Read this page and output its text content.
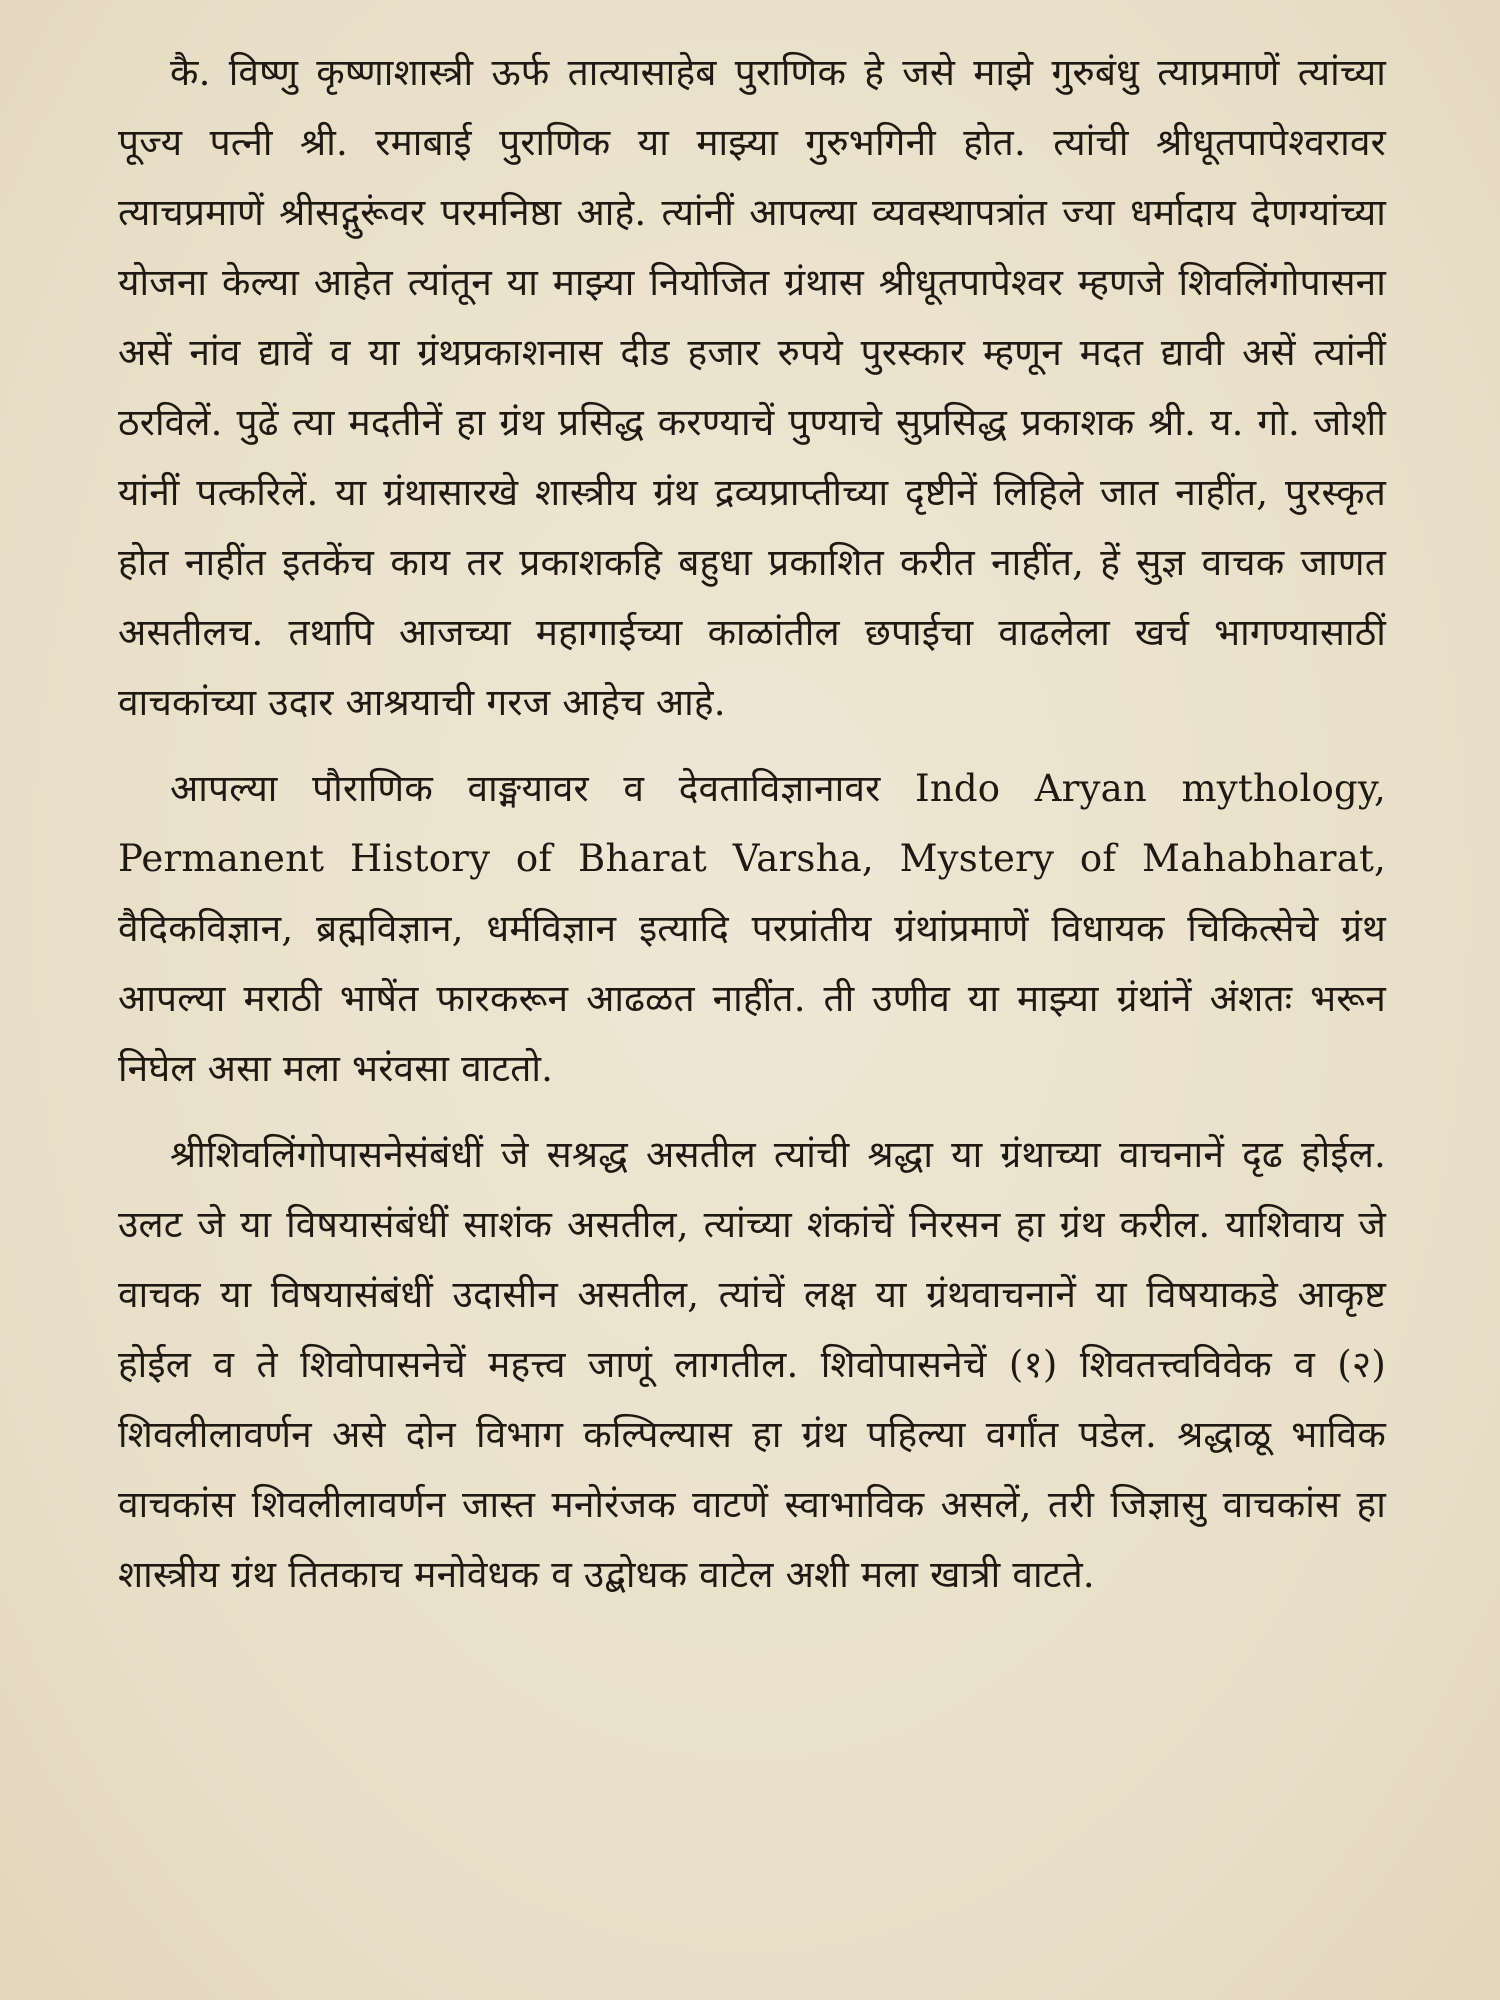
कै. विष्णु कृष्णाशास्त्री ऊर्फ तात्यासाहेब पुराणिक हे जसे माझे गुरुबंधु त्याप्रमाणें त्यांच्या पूज्य पत्नी श्री. रमाबाई पुराणिक या माझ्या गुरुभगिनी होत. त्यांची श्रीधूतपापेश्वरावर त्याचप्रमाणें श्रीसद्गुरूंवर परमनिष्ठा आहे. त्यांनीं आपल्या व्यवस्थापत्रांत ज्या धर्मादाय देणग्यांच्या योजना केल्या आहेत त्यांतून या माझ्या नियोजित ग्रंथास श्रीधूतपापेश्वर म्हणजे शिवलिंगोपासना असें नांव द्यावें व या ग्रंथप्रकाशनास दीड हजार रुपये पुरस्कार म्हणून मदत द्यावी असें त्यांनीं ठरविलें. पुढें त्या मदतीनें हा ग्रंथ प्रसिद्ध करण्याचें पुण्याचे सुप्रसिद्ध प्रकाशक श्री. य. गो. जोशी यांनीं पत्करिलें. या ग्रंथासारखे शास्त्रीय ग्रंथ द्रव्यप्राप्तीच्या दृष्टीनें लिहिले जात नाहींत, पुरस्कृत होत नाहींत इतकेंच काय तर प्रकाशकहि बहुधा प्रकाशित करीत नाहींत, हें सुज्ञ वाचक जाणत असतीलच. तथापि आजच्या महागाईच्या काळांतील छपाईचा वाढलेला खर्च भागण्यासाठीं वाचकांच्या उदार आश्रयाची गरज आहेच आहे.

आपल्या पौराणिक वाङ्मयावर व देवताविज्ञानावर Indo Aryan mythology, Permanent History of Bharat Varsha, Mystery of Mahabharat, वैदिकविज्ञान, ब्रह्मविज्ञान, धर्मविज्ञान इत्यादि परप्रांतीय ग्रंथांप्रमाणें विधायक चिकित्सेचे ग्रंथ आपल्या मराठी भाषेंत फारकरून आढळत नाहींत. ती उणीव या माझ्या ग्रंथांनें अंशतः भरून निघेल असा मला भरंवसा वाटतो.

श्रीशिवलिंगोपासनेसंबंधीं जे सश्रद्ध असतील त्यांची श्रद्धा या ग्रंथाच्या वाचनानें दृढ होईल. उलट जे या विषयासंबंधीं साशंक असतील, त्यांच्या शंकांचें निरसन हा ग्रंथ करील. याशिवाय जे वाचक या विषयासंबंधीं उदासीन असतील, त्यांचें लक्ष या ग्रंथवाचनानें या विषयाकडे आकृष्ट होईल व ते शिवोपासनेचें महत्त्व जाणूं लागतील. शिवोपासनेचें (१) शिवतत्त्वविवेक व (२) शिवलीलावर्णन असे दोन विभाग कल्पिल्यास हा ग्रंथ पहिल्या वर्गांत पडेल. श्रद्धाळू भाविक वाचकांस शिवलीलावर्णन जास्त मनोरंजक वाटणें स्वाभाविक असलें, तरी जिज्ञासु वाचकांस हा शास्त्रीय ग्रंथ तितकाच मनोवेधक व उद्बोधक वाटेल अशी मला खात्री वाटते.
